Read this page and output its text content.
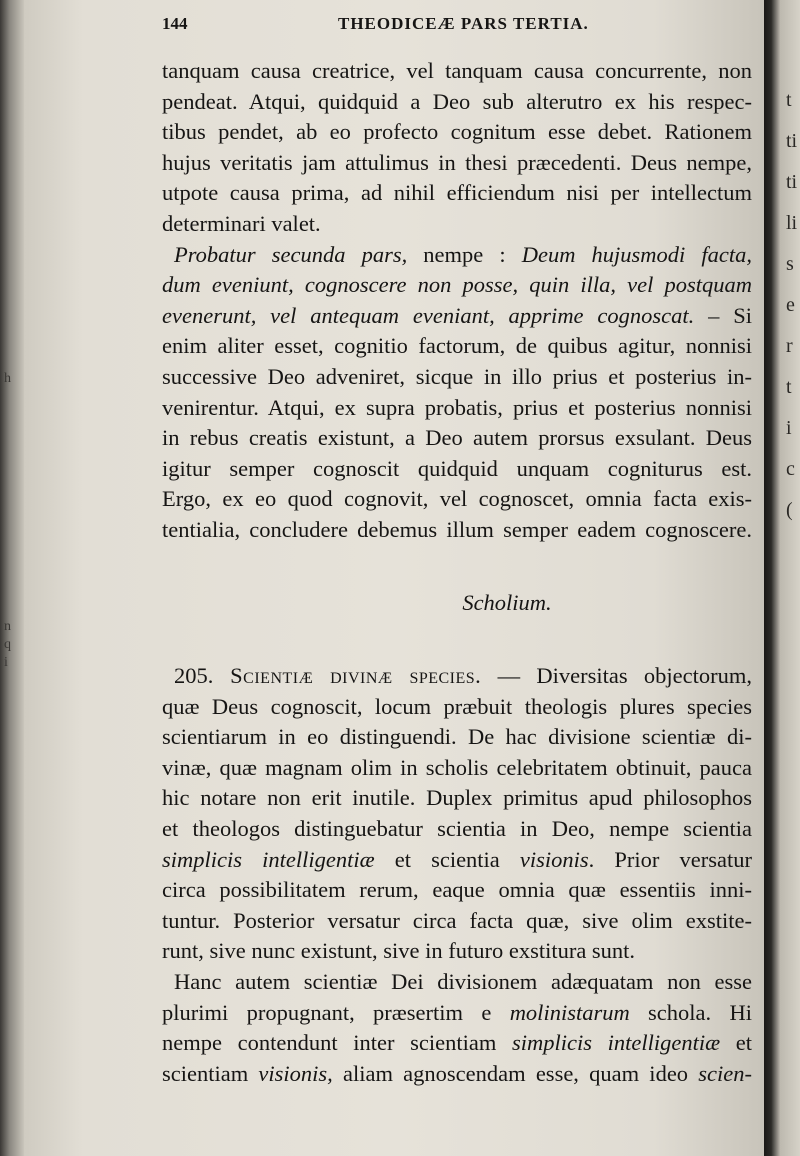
h
n
q
i
t
ti
ti
li
s
e
r
t
i
c
(
144	THEODICEÆ PARS TERTIA.

tanquam causa creatrice, vel tanquam causa concurrente, non

pendeat. Atqui, quidquid a Deo sub alterutro ex his respec-

tibus pendet, ab eo profecto cognitum esse debet. Rationem

hujus veritatis jam attulimus in thesi præcedenti. Deus nempe,

utpote causa prima, ad nihil efficiendum nisi per intellectum

determinari valet.

Probatur secunda pars, nempe : Deum hujusmodi facta,

dum eveniunt, cognoscere non posse, quin illa, vel postquam

evenerunt, vel antequam eveniant, apprime cognoscat. – Si

enim aliter esset, cognitio factorum, de quibus agitur, nonnisi

successive Deo adveniret, sicque in illo prius et posterius in-

venirentur. Atqui, ex supra probatis, prius et posterius nonnisi

in rebus creatis existunt, a Deo autem prorsus exsulant. Deus

igitur semper cognoscit quidquid unquam cogniturus est.

Ergo, ex eo quod cognovit, vel cognoscet, omnia facta exis-

tentialia, concludere debemus illum semper eadem cognoscere.

Scholium.

205. Scientiæ divinæ species. — Diversitas objectorum,

quæ Deus cognoscit, locum præbuit theologis plures species

scientiarum in eo distinguendi. De hac divisione scientiæ di-

vinæ, quæ magnam olim in scholis celebritatem obtinuit, pauca

hic notare non erit inutile. Duplex primitus apud philosophos

et theologos distinguebatur scientia in Deo, nempe scientia

simplicis intelligentiæ et scientia visionis. Prior versatur

circa possibilitatem rerum, eaque omnia quæ essentiis inni-

tuntur. Posterior versatur circa facta quæ, sive olim exstite-

runt, sive nunc existunt, sive in futuro exstitura sunt.

Hanc autem scientiæ Dei divisionem adæquatam non esse

plurimi propugnant, præsertim e molinistarum schola. Hi

nempe contendunt inter scientiam simplicis intelligentiæ et

scientiam visionis, aliam agnoscendam esse, quam ideo scien-
